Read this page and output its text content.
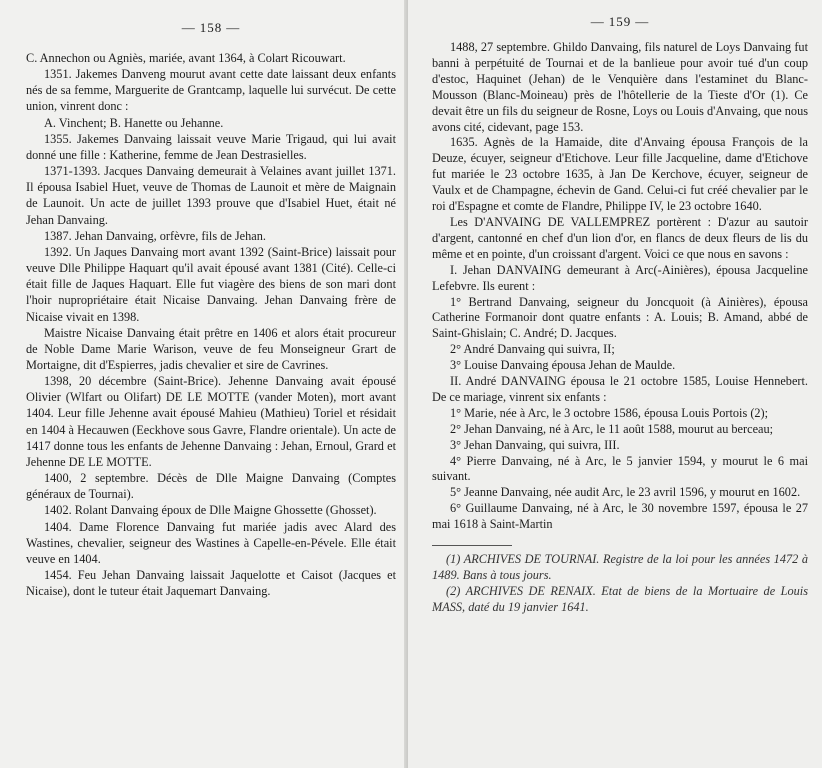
— 158 —

C. Annechon ou Agniès, mariée, avant 1364, à Colart Ricouwart.

1351. Jakemes Danveng mourut avant cette date laissant deux enfants nés de sa femme, Marguerite de Grantcamp, laquelle lui survécut. De cette union, vinrent donc :

A. Vinchent; B. Hanette ou Jehanne.

1355. Jakemes Danvaing laissait veuve Marie Trigaud, qui lui avait donné une fille : Katherine, femme de Jean Destrasielles.

1371-1393. Jacques Danvaing demeurait à Velaines avant juillet 1371. Il épousa Isabiel Huet, veuve de Thomas de Launoit et mère de Maignain de Launoit. Un acte de juillet 1393 prouve que d'Isabiel Huet, était né Jehan Danvaing.

1387. Jehan Danvaing, orfèvre, fils de Jehan.

1392. Un Jaques Danvaing mort avant 1392 (Saint-Brice) laissait pour veuve Dlle Philippe Haquart qu'il avait épousé avant 1381 (Cité). Celle-ci était fille de Jaques Haquart. Elle fut viagère des biens de son mari dont l'hoir nupropriétaire était Nicaise Danvaing. Jehan Danvaing frère de Nicaise vivait en 1398.

Maistre Nicaise Danvaing était prêtre en 1406 et alors était procureur de Noble Dame Marie Warison, veuve de feu Monseigneur Grart de Mortaigne, dit d'Espierres, jadis chevalier et sire de Cavrines.

1398, 20 décembre (Saint-Brice). Jehenne Danvaing avait épousé Olivier (Wlfart ou Olifart) DE LE MOTTE (vander Moten), mort avant 1404. Leur fille Jehenne avait épousé Mahieu (Mathieu) Toriel et résidait en 1404 à Hecauwen (Eeckhove sous Gavre, Flandre orientale). Un acte de 1417 donne tous les enfants de Jehenne Danvaing : Jehan, Ernoul, Grard et Jehenne DE LE MOTTE.

1400, 2 septembre. Décès de Dlle Maigne Danvaing (Comptes généraux de Tournai).

1402. Rolant Danvaing époux de Dlle Maigne Ghossette (Ghosset).

1404. Dame Florence Danvaing fut mariée jadis avec Alard des Wastines, chevalier, seigneur des Wastines à Capelle-en-Pévele. Elle était veuve en 1404.

1454. Feu Jehan Danvaing laissait Jaquelotte et Caisot (Jacques et Nicaise), dont le tuteur était Jaquemart Danvaing.

— 159 —

1488, 27 septembre. Ghildo Danvaing, fils naturel de Loys Danvaing fut banni à perpétuité de Tournai et de la banlieue pour avoir tué d'un coup d'estoc, Haquinet (Jehan) de le Venquière dans l'estaminet du Blanc-Mousson (Blanc-Moineau) près de l'hôtellerie de la Tieste d'Or (1). Ce devait être un fils du seigneur de Rosne, Loys ou Louis d'Anvaing, que nous avons cité, cidevant, page 153.

1635. Agnès de la Hamaide, dite d'Anvaing épousa François de la Deuze, écuyer, seigneur d'Etichove. Leur fille Jacqueline, dame d'Etichove fut mariée le 23 octobre 1635, à Jan De Kerchove, écuyer, seigneur de Vaulx et de Champagne, échevin de Gand. Celui-ci fut créé chevalier par le roi d'Espagne et comte de Flandre, Philippe IV, le 23 octobre 1640.

Les D'ANVAING DE VALLEMPREZ portèrent : D'azur au sautoir d'argent, cantonné en chef d'un lion d'or, en flancs de deux fleurs de lis du même et en pointe, d'un croissant d'argent. Voici ce que nous en savons :

I. Jehan DANVAING demeurant à Arc(-Ainières), épousa Jacqueline Lefebvre. Ils eurent :

1° Bertrand Danvaing, seigneur du Joncquoit (à Ainières), épousa Catherine Formanoir dont quatre enfants : A. Louis; B. Amand, abbé de Saint-Ghislain; C. André; D. Jacques.

2° André Danvaing qui suivra, II;

3° Louise Danvaing épousa Jehan de Maulde.

II. André DANVAING épousa le 21 octobre 1585, Louise Hennebert. De ce mariage, vinrent six enfants :

1° Marie, née à Arc, le 3 octobre 1586, épousa Louis Portois (2);

2° Jehan Danvaing, né à Arc, le 11 août 1588, mourut au berceau;

3° Jehan Danvaing, qui suivra, III.

4° Pierre Danvaing, né à Arc, le 5 janvier 1594, y mourut le 6 mai suivant.

5° Jeanne Danvaing, née audit Arc, le 23 avril 1596, y mourut en 1602.

6° Guillaume Danvaing, né à Arc, le 30 novembre 1597, épousa le 27 mai 1618 à Saint-Martin

(1) ARCHIVES DE TOURNAI. Registre de la loi pour les années 1472 à 1489. Bans à tous jours.

(2) ARCHIVES DE RENAIX. Etat de biens de la Mortuaire de Louis MASS, daté du 19 janvier 1641.
